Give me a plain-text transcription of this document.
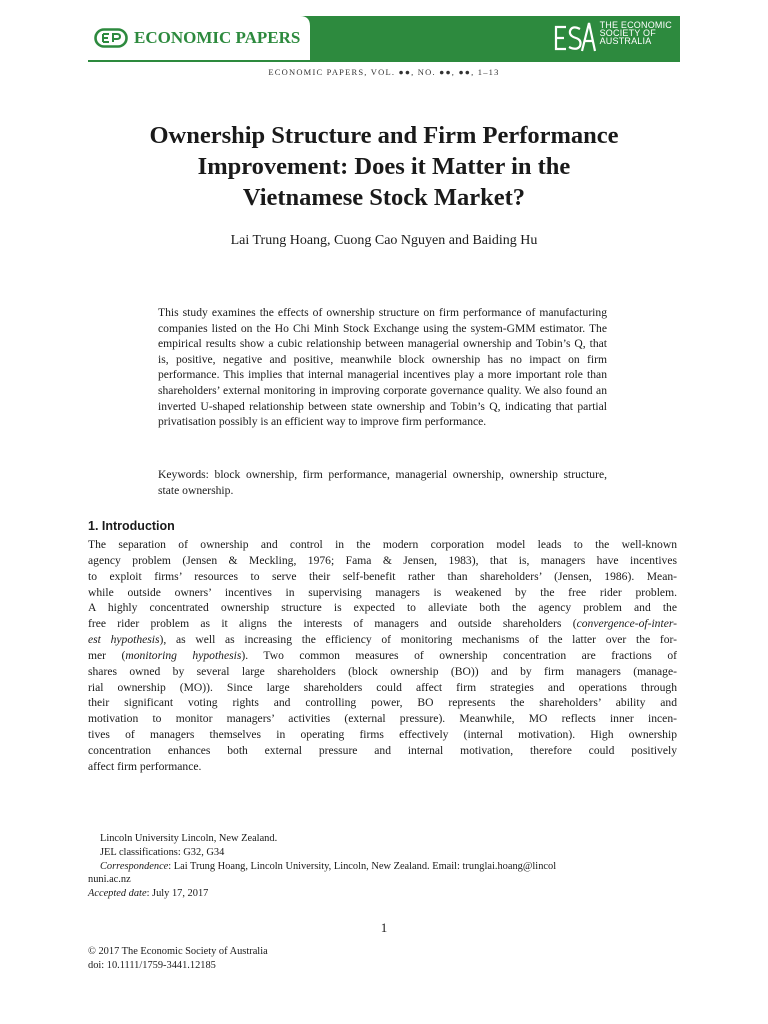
ECONOMIC PAPERS
THE ECONOMIC
SOCIETY OF
AUSTRALIA
ECONOMIC PAPERS, VOL. ●●, NO. ●●, ●●, 1–13
Ownership Structure and Firm Performance
Improvement: Does it Matter in the
Vietnamese Stock Market?
Lai Trung Hoang, Cuong Cao Nguyen and Baiding Hu

This study examines the effects of ownership structure on firm performance of manufacturing companies listed on the Ho Chi Minh Stock Exchange using the system-GMM estimator. The empirical results show a cubic relationship between managerial ownership and Tobin’s Q, that is, positive, negative and positive, meanwhile block ownership has no impact on firm performance. This implies that internal managerial incentives play a more important role than shareholders’ external monitoring in improving corporate governance quality. We also found an inverted U-shaped relationship between state ownership and Tobin’s Q, indicating that partial privatisation possibly is an efficient way to improve firm performance.

Keywords: block ownership, firm performance, managerial ownership, ownership structure, state ownership.

1. Introduction
The separation of ownership and control in the modern corporation model leads to the well-known
agency problem (Jensen & Meckling, 1976; Fama & Jensen, 1983), that is, managers have incentives
to exploit firms’ resources to serve their self-benefit rather than shareholders’ (Jensen, 1986). Mean-
while outside owners’ incentives in supervising managers is weakened by the free rider problem.
A highly concentrated ownership structure is expected to alleviate both the agency problem and the
free rider problem as it aligns the interests of managers and outside shareholders (convergence-of-inter-
est hypothesis), as well as increasing the efficiency of monitoring mechanisms of the latter over the for-
mer (monitoring hypothesis). Two common measures of ownership concentration are fractions of
shares owned by several large shareholders (block ownership (BO)) and by firm managers (manage-
rial ownership (MO)). Since large shareholders could affect firm strategies and operations through
their significant voting rights and controlling power, BO represents the shareholders’ ability and
motivation to monitor managers’ activities (external pressure). Meanwhile, MO reflects inner incen-
tives of managers themselves in operating firms effectively (internal motivation). High ownership
concentration enhances both external pressure and internal motivation, therefore could positively
affect firm performance.

Lincoln University Lincoln, New Zealand.

JEL classifications: G32, G34

Correspondence: Lai Trung Hoang, Lincoln University, Lincoln, New Zealand. Email: trunglai.hoang@lincol

nuni.ac.nz

Accepted date: July 17, 2017

1

© 2017 The Economic Society of Australia

doi: 10.1111/1759-3441.12185
